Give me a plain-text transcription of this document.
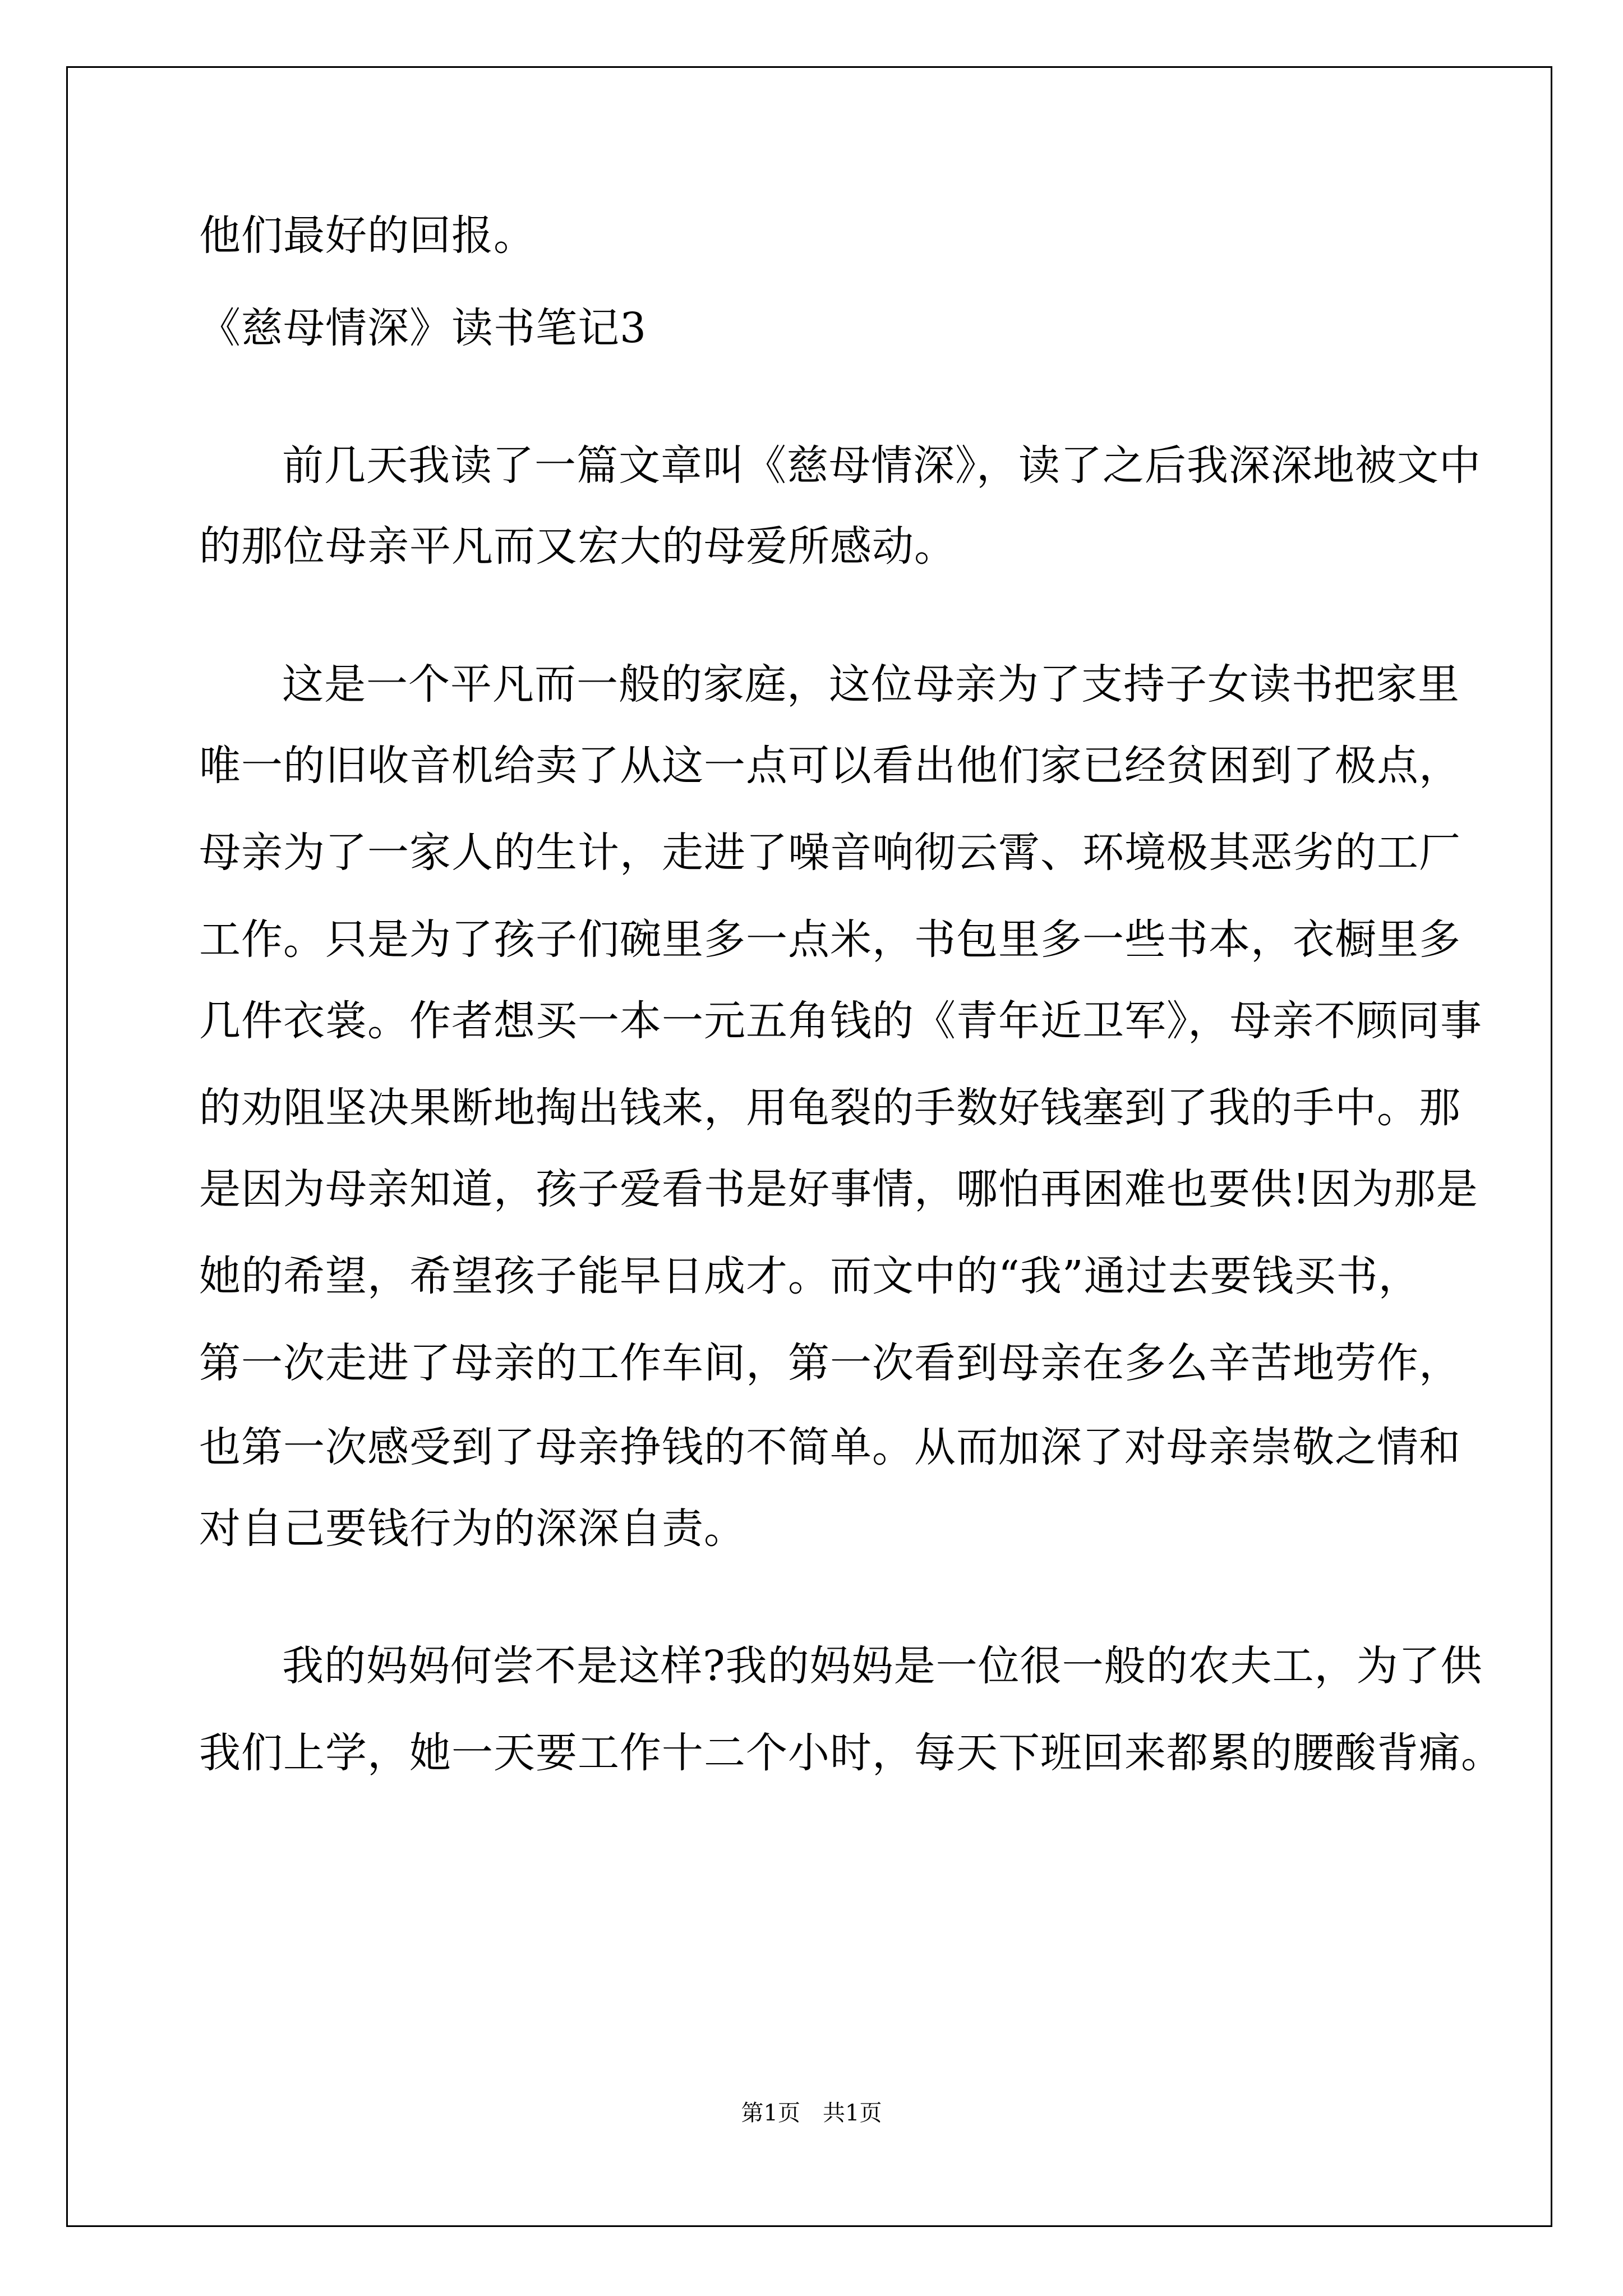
他们最好的回报。
《慈母情深》读书笔记3
前几天我读了一篇文章叫《慈母情深》，读了之后我深深地被文中
的那位母亲平凡而又宏大的母爱所感动。
这是一个平凡而一般的家庭，这位母亲为了支持子女读书把家里
唯一的旧收音机给卖了从这一点可以看出他们家已经贫困到了极点，
母亲为了一家人的生计，走进了噪音响彻云霄、环境极其恶劣的工厂
工作。只是为了孩子们碗里多一点米，书包里多一些书本，衣橱里多
几件衣裳。作者想买一本一元五角钱的《青年近卫军》，母亲不顾同事
的劝阻坚决果断地掏出钱来，用龟裂的手数好钱塞到了我的手中。那
是因为母亲知道，孩子爱看书是好事情，哪怕再困难也要供!因为那是
她的希望，希望孩子能早日成才。而文中的“我”通过去要钱买书，
第一次走进了母亲的工作车间，第一次看到母亲在多么辛苦地劳作，
也第一次感受到了母亲挣钱的不简单。从而加深了对母亲崇敬之情和
对自己要钱行为的深深自责。
我的妈妈何尝不是这样?我的妈妈是一位很一般的农夫工，为了供
我们上学，她一天要工作十二个小时，每天下班回来都累的腰酸背痛。
第1页　共1页
